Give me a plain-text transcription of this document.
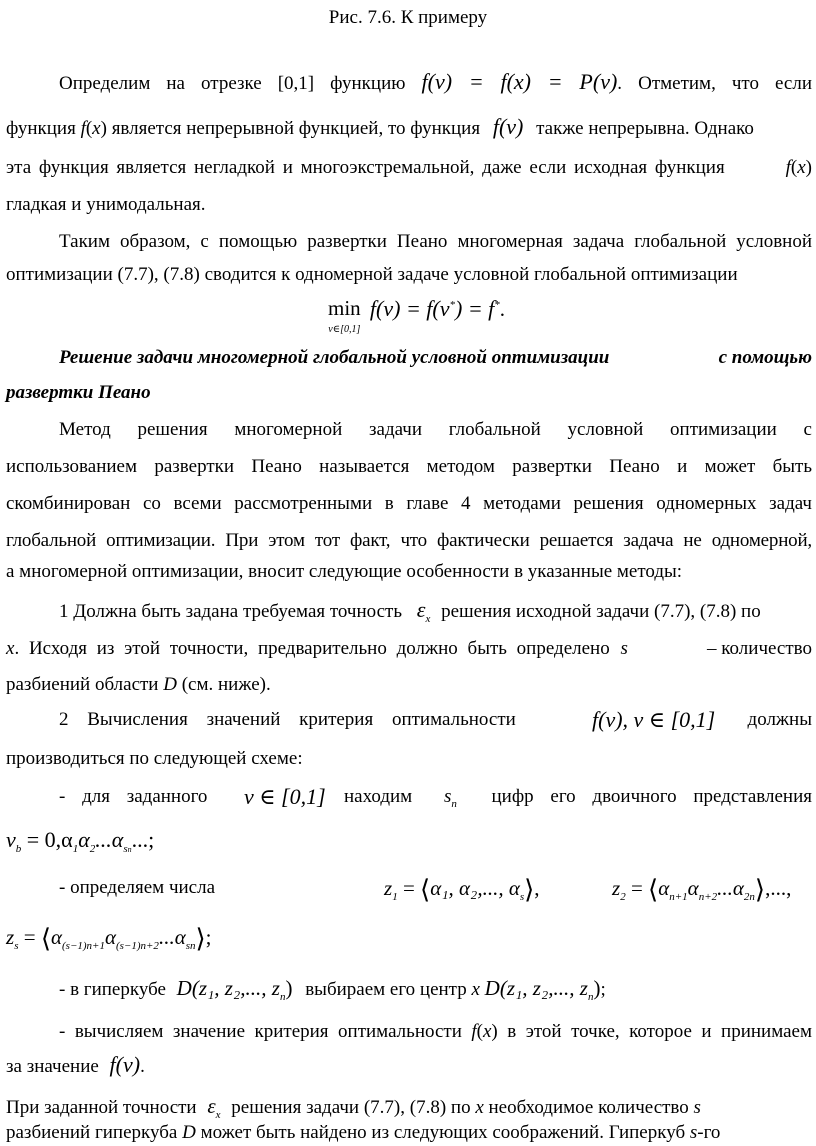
Рис. 7.6. К примеру
Определим на отрезке [0,1] функцию f(ν) = f(x) = P(ν). Отметим, что если
функция f(x) является непрерывной функцией, то функция f(ν) также непрерывна. Однако
эта функция является негладкой и многоэкстремальной, даже если исходная функция	f(x)
гладкая и унимодальная.
Таким образом, с помощью развертки Пеано многомерная задача глобальной условной
оптимизации (7.7), (7.8) сводится к одномерной задаче условной глобальной оптимизации
min
$^{\nu\in[0,1]}$ f(ν) = f(ν*) = f*.
Решение задачи многомерной глобальной условной оптимизации	с помощью
развертки Пеано
Метод решения многомерной задачи глобальной условной оптимизации с
использованием развертки Пеано называется методом развертки Пеано и может быть
скомбинирован со всеми рассмотренными в главе 4 методами решения одномерных задач
глобальной оптимизации. При этом тот факт, что фактически решается задача не одномерной,
а многомерной оптимизации, вносит следующие особенности в указанные методы:
1 Должна быть задана требуемая точность $\varepsilon_x$ решения исходной задачи (7.7), (7.8) по
x. Исходя из этой точности, предварительно должно быть определено s	– количество
разбиений области D (см. ниже).
2 Вычисления значений критерия оптимальности	f(ν), ν ∈ [0,1] должны
производиться по следующей схеме:
- для заданного ν ∈ [0,1] находим $s_n$ цифр его двоичного представления
$\nu_b = 0,\alpha_1\alpha_2...\alpha_{sn}$...;
- определяем числа	$z_1$ = ⟨α₁, α₂,..., $\alpha_s⟩$,	$z_2$ = $⟨\alpha_{n+1}\alpha_{n+2}...\alpha_{2n}⟩$,...,
$z_s$ = $⟨\alpha_{(s-1)n+1}\alpha_{(s-1)n+2}...\alpha_{sn}⟩$;
- в гиперкубе D(z₁, z₂,..., $z_n$) выбираем его центр x D(z₁, z₂,..., $z_n$);
- вычисляем значение критерия оптимальности f(x) в этой точке, которое и принимаем
за значение f(ν).
При заданной точности $\varepsilon_x$ решения задачи (7.7), (7.8) по x необходимое количество s
разбиений гиперкуба D может быть найдено из следующих соображений. Гиперкуб s-го
